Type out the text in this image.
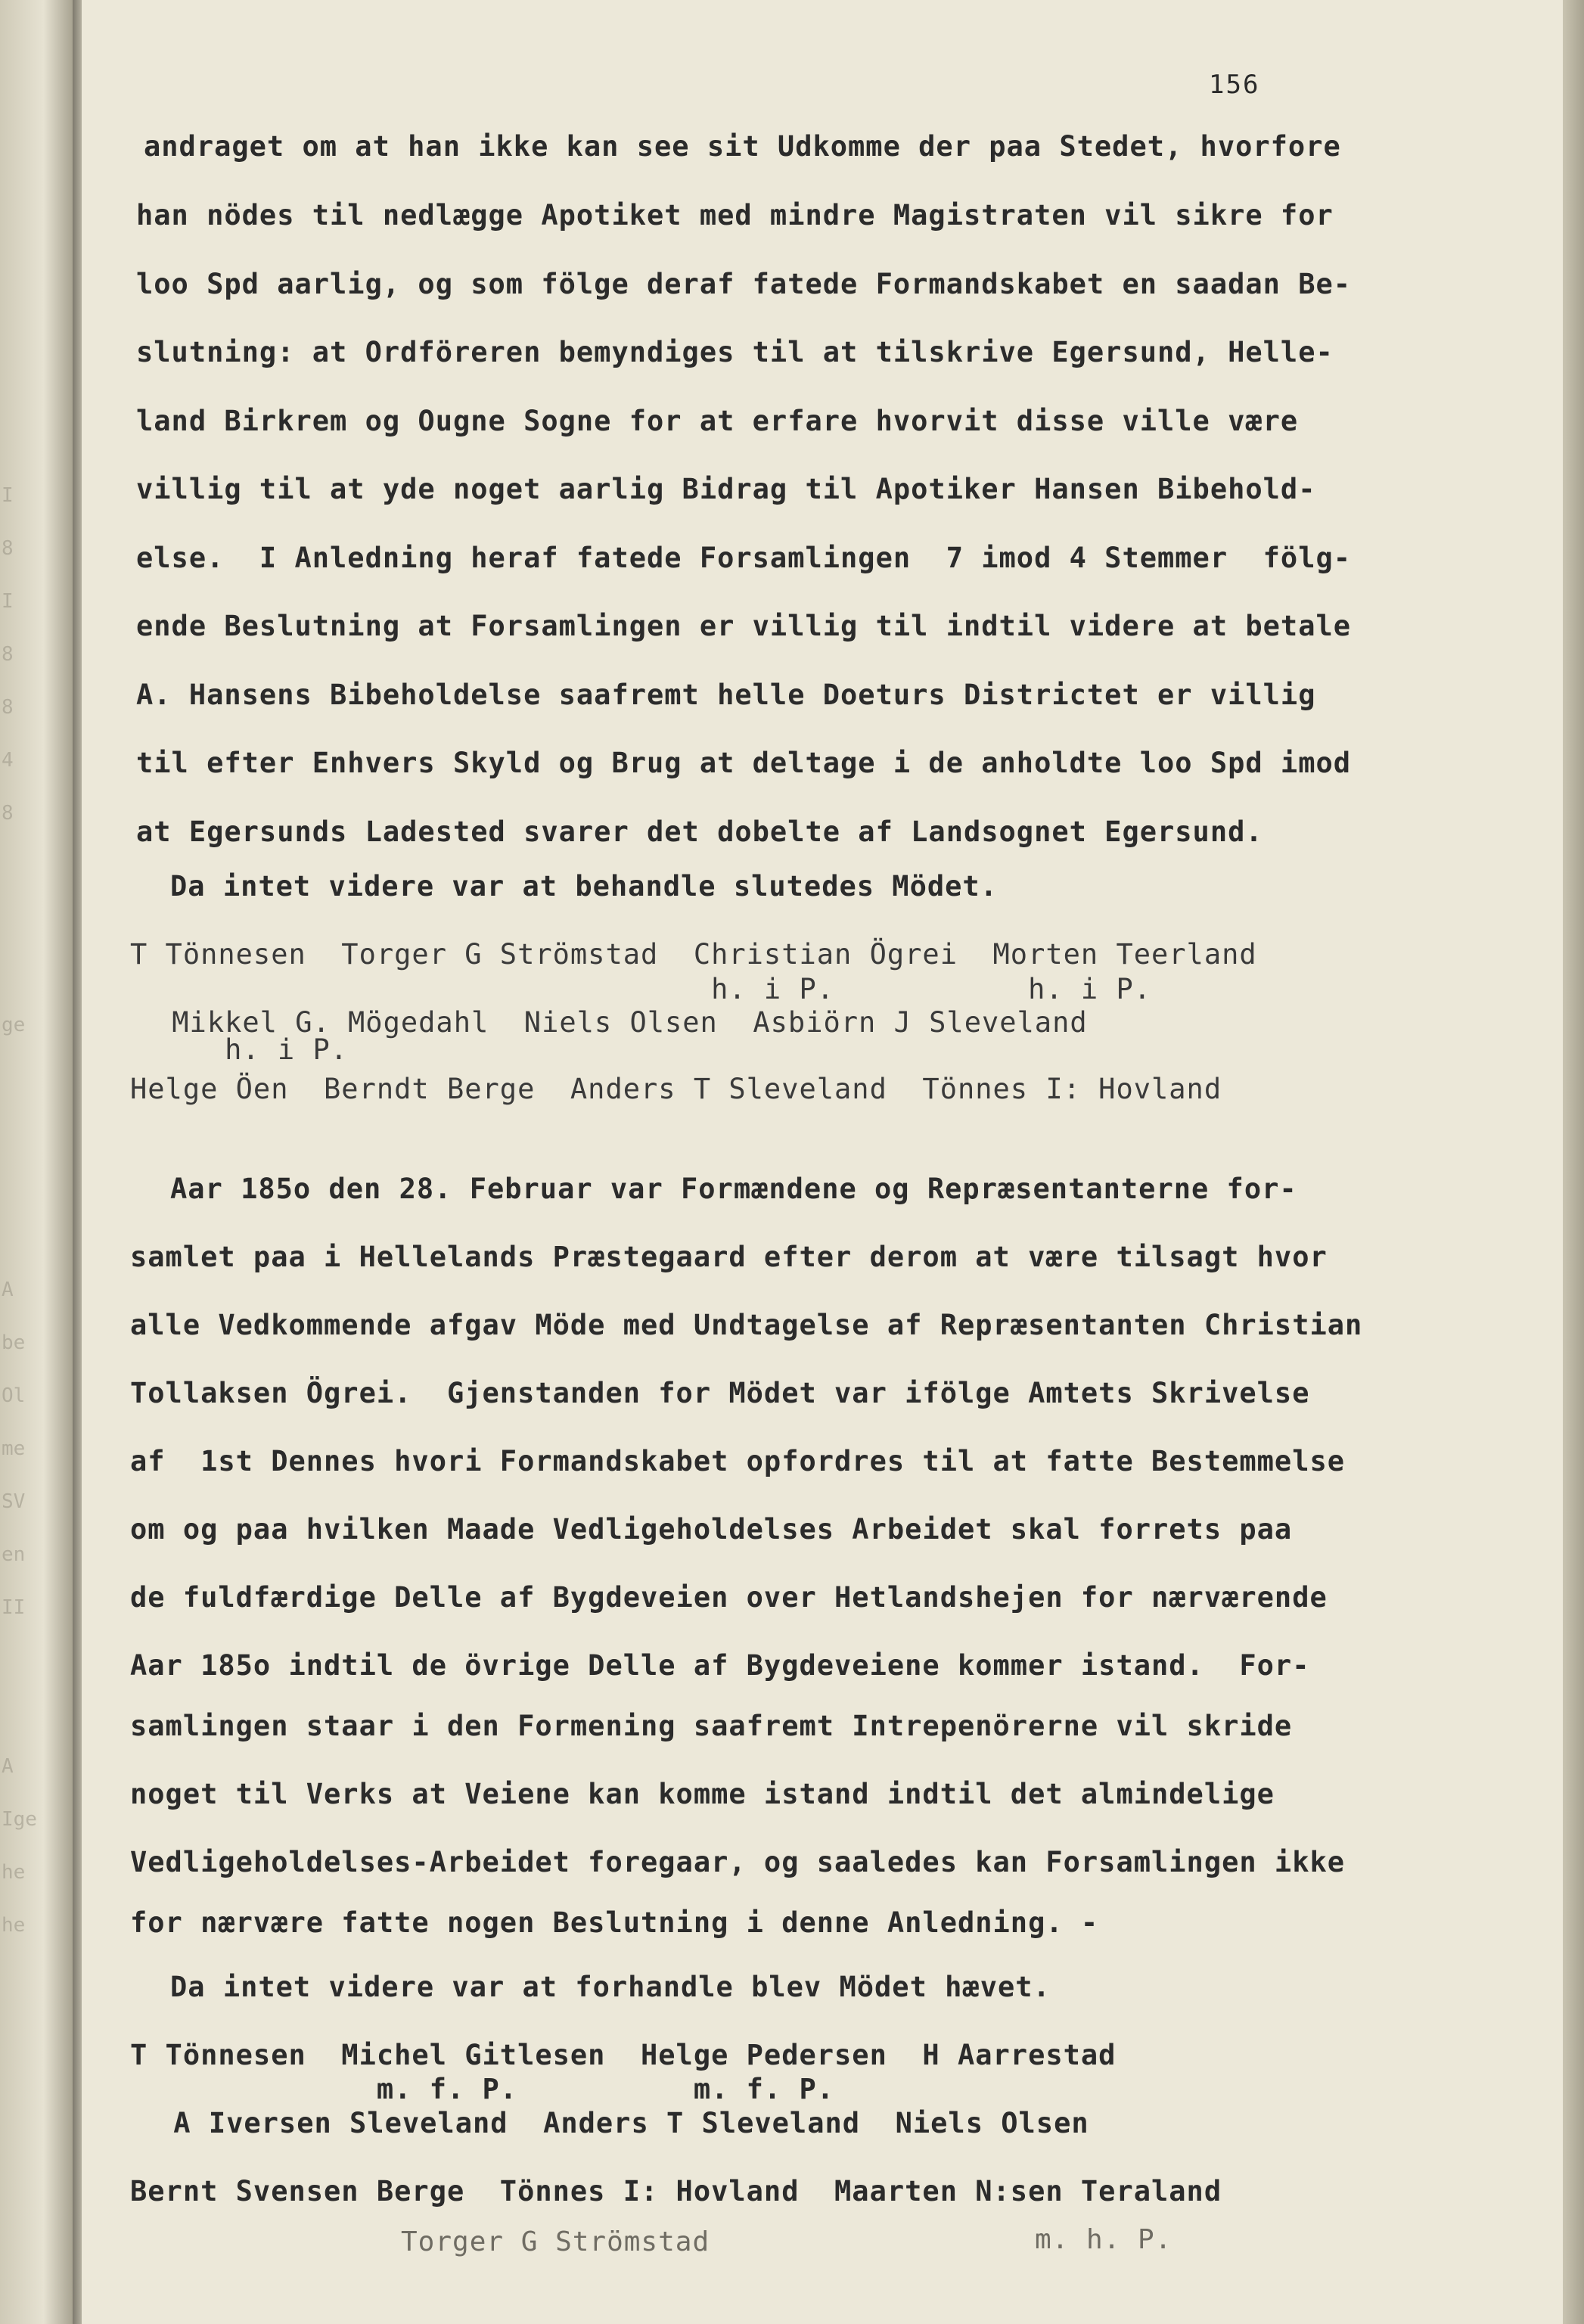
I
8
I
8
8
4
8

ge

A
be
Ol
me
SV
en
II

A
Ige
he
he
156
andraget om at han ikke kan see sit Udkomme der paa Stedet, hvorfore
han nödes til nedlægge Apotiket med mindre Magistraten vil sikre for
loo Spd aarlig, og som fölge deraf fatede Formandskabet en saadan Be-
slutning: at Ordföreren bemyndiges til at tilskrive Egersund, Helle-
land Birkrem og Ougne Sogne for at erfare hvorvit disse ville være
villig til at yde noget aarlig Bidrag til Apotiker Hansen Bibehold-
else.  I Anledning heraf fatede Forsamlingen  7 imod 4 Stemmer  fölg-
ende Beslutning at Forsamlingen er villig til indtil videre at betale
A. Hansens Bibeholdelse saafremt helle Doeturs Districtet er villig
til efter Enhvers Skyld og Brug at deltage i de anholdte loo Spd imod
at Egersunds Ladested svarer det dobelte af Landsognet Egersund.
Da intet videre var at behandle slutedes Mödet.
T Tönnesen  Torger G Strömstad  Christian Ögrei  Morten Teerland
h. i P.           h. i P.
Mikkel G. Mögedahl  Niels Olsen  Asbiörn J Sleveland
h. i P.
Helge Öen  Berndt Berge  Anders T Sleveland  Tönnes I: Hovland
Aar 185o den 28. Februar var Formændene og Repræsentanterne for-
samlet paa i Hellelands Præstegaard efter derom at være tilsagt hvor
alle Vedkommende afgav Möde med Undtagelse af Repræsentanten Christian
Tollaksen Ögrei.  Gjenstanden for Mödet var ifölge Amtets Skrivelse
af  1st Dennes hvori Formandskabet opfordres til at fatte Bestemmelse
om og paa hvilken Maade Vedligeholdelses Arbeidet skal forrets paa
de fuldfærdige Delle af Bygdeveien over Hetlandshejen for nærværende
Aar 185o indtil de övrige Delle af Bygdeveiene kommer istand.  For-
samlingen staar i den Formening saafremt Intrepenörerne vil skride
noget til Verks at Veiene kan komme istand indtil det almindelige
Vedligeholdelses-Arbeidet foregaar, og saaledes kan Forsamlingen ikke
for nærvære fatte nogen Beslutning i denne Anledning. -
Da intet videre var at forhandle blev Mödet hævet.
T Tönnesen  Michel Gitlesen  Helge Pedersen  H Aarrestad
m. f. P.          m. f. P.
A Iversen Sleveland  Anders T Sleveland  Niels Olsen
Bernt Svensen Berge  Tönnes I: Hovland  Maarten N:sen Teraland
Torger G Strömstad	m. h. P.
